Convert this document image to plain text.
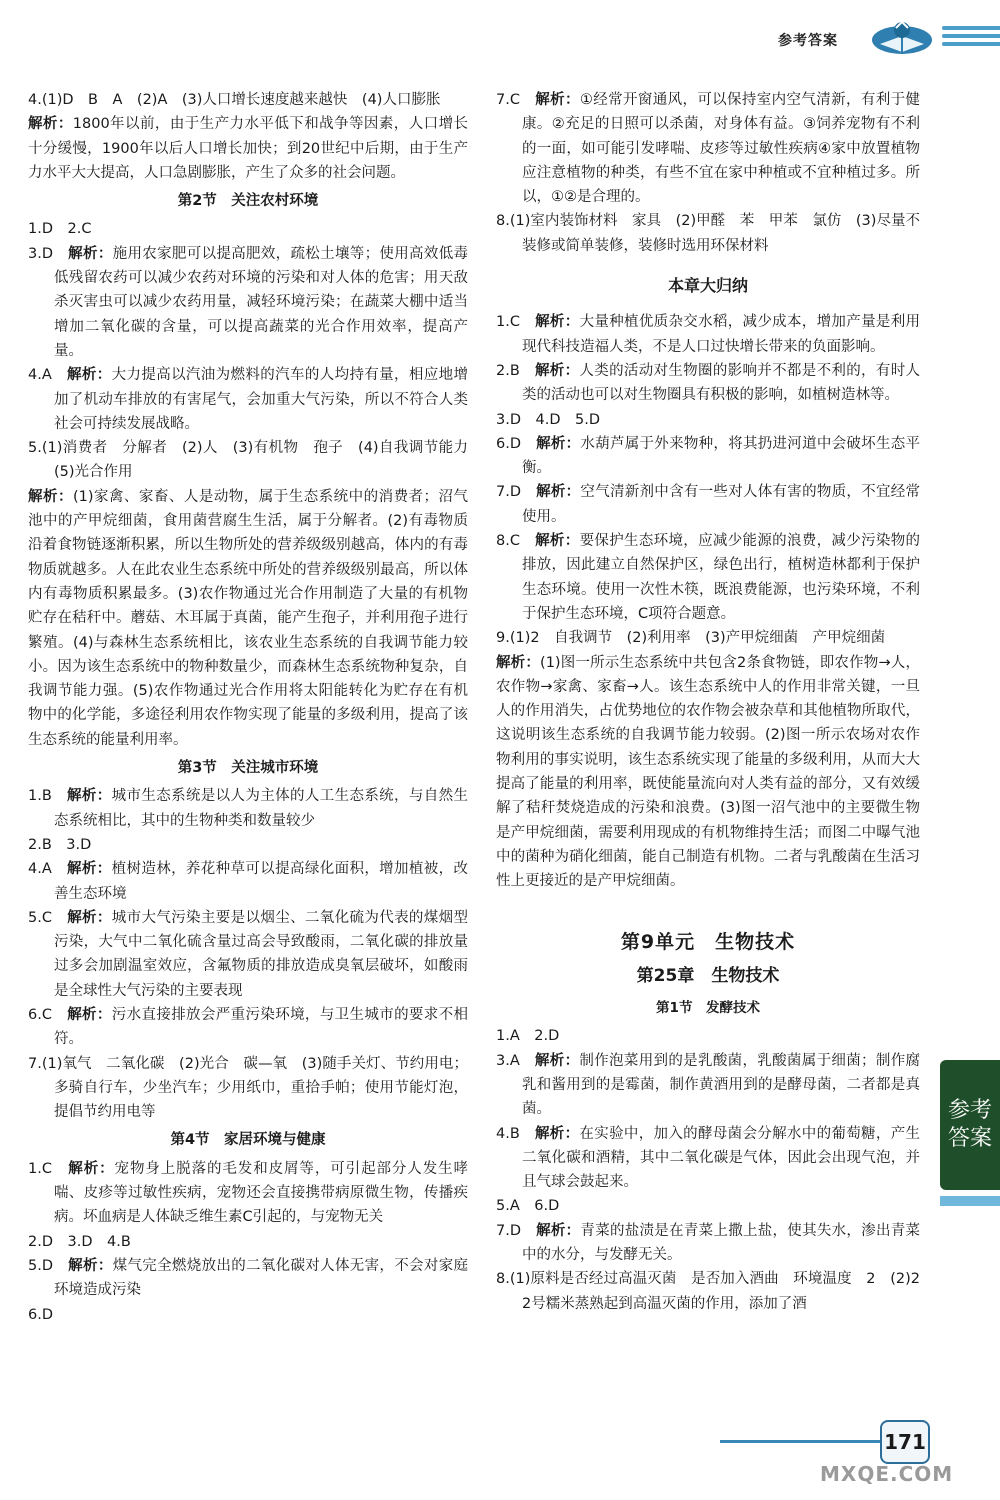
参考答案

4.(1)D　B　A　(2)A　(3)人口增长速度越来越快　(4)人口膨胀

解析：1800年以前，由于生产力水平低下和战争等因素，人口增长十分缓慢，1900年以后人口增长加快；到20世纪中后期，由于生产力水平大大提高，人口急剧膨胀，产生了众多的社会问题。

第2节　关注农村环境

1.D　2.C

3.D　 解析：施用农家肥可以提高肥效，疏松土壤等；使用高效低毒低残留农药可以减少农药对环境的污染和对人体的危害；用天敌杀灭害虫可以减少农药用量，减轻环境污染；在蔬菜大棚中适当增加二氧化碳的含量，可以提高蔬菜的光合作用效率，提高产量。

4.A　 解析：大力提高以汽油为燃料的汽车的人均持有量，相应地增加了机动车排放的有害尾气，会加重大气污染，所以不符合人类社会可持续发展战略。

5.(1)消费者　分解者　(2)人　(3)有机物　孢子　(4)自我调节能力　(5)光合作用

解析：(1)家禽、家畜、人是动物，属于生态系统中的消费者；沼气池中的产甲烷细菌，食用菌营腐生生活，属于分解者。(2)有毒物质沿着食物链逐渐积累，所以生物所处的营养级级别越高，体内的有毒物质就越多。人在此农业生态系统中所处的营养级级别最高，所以体内有毒物质积累最多。(3)农作物通过光合作用制造了大量的有机物贮存在秸秆中。蘑菇、木耳属于真菌，能产生孢子，并利用孢子进行繁殖。(4)与森林生态系统相比，该农业生态系统的自我调节能力较小。因为该生态系统中的物种数量少，而森林生态系统物种复杂，自我调节能力强。(5)农作物通过光合作用将太阳能转化为贮存在有机物中的化学能，多途径利用农作物实现了能量的多级利用，提高了该生态系统的能量利用率。

第3节　关注城市环境

1.B　 解析：城市生态系统是以人为主体的人工生态系统，与自然生态系统相比，其中的生物种类和数量较少

2.B　3.D

4.A　 解析：植树造林，养花种草可以提高绿化面积，增加植被，改善生态环境

5.C　 解析：城市大气污染主要是以烟尘、二氧化硫为代表的煤烟型污染，大气中二氧化硫含量过高会导致酸雨，二氧化碳的排放量过多会加剧温室效应，含氟物质的排放造成臭氧层破坏，如酸雨是全球性大气污染的主要表现

6.C　 解析：污水直接排放会严重污染环境，与卫生城市的要求不相符。

7.(1)氧气　二氧化碳　(2)光合　碳—氧　(3)随手关灯、节约用电；多骑自行车，少坐汽车；少用纸巾，重拾手帕；使用节能灯泡，提倡节约用电等

第4节　家居环境与健康

1.C　 解析：宠物身上脱落的毛发和皮屑等，可引起部分人发生哮喘、皮疹等过敏性疾病，宠物还会直接携带病原微生物，传播疾病。坏血病是人体缺乏维生素C引起的，与宠物无关

2.D　3.D　4.B

5.D　 解析：煤气完全燃烧放出的二氧化碳对人体无害，不会对家庭环境造成污染

6.D

7.C　 解析：①经常开窗通风，可以保持室内空气清新，有利于健康。②充足的日照可以杀菌，对身体有益。③饲养宠物有不利的一面，如可能引发哮喘、皮疹等过敏性疾病④家中放置植物应注意植物的种类，有些不宜在家中种植或不宜种植过多。所以，①②是合理的。

8.(1)室内装饰材料　家具　(2)甲醛　苯　甲苯　氯仿　(3)尽量不装修或简单装修，装修时选用环保材料

本章大归纳

1.C　 解析：大量种植优质杂交水稻，减少成本，增加产量是利用现代科技造福人类，不是人口过快增长带来的负面影响。

2.B　 解析：人类的活动对生物圈的影响并不都是不利的，有时人类的活动也可以对生物圈具有积极的影响，如植树造林等。

3.D　4.D　5.D

6.D　 解析：水葫芦属于外来物种，将其扔进河道中会破坏生态平衡。

7.D　 解析：空气清新剂中含有一些对人体有害的物质，不宜经常使用。

8.C　 解析：要保护生态环境，应减少能源的浪费，减少污染物的排放，因此建立自然保护区，绿色出行，植树造林都利于保护生态环境。使用一次性木筷，既浪费能源，也污染环境，不利于保护生态环境，C项符合题意。

9.(1)2　自我调节　(2)利用率　(3)产甲烷细菌　产甲烷细菌

解析：(1)图一所示生态系统中共包含2条食物链，即农作物→人，农作物→家禽、家畜→人。该生态系统中人的作用非常关键，一旦人的作用消失，占优势地位的农作物会被杂草和其他植物所取代，这说明该生态系统的自我调节能力较弱。(2)图一所示农场对农作物利用的事实说明，该生态系统实现了能量的多级利用，从而大大提高了能量的利用率，既使能量流向对人类有益的部分，又有效缓解了秸秆焚烧造成的污染和浪费。(3)图一沼气池中的主要微生物是产甲烷细菌，需要利用现成的有机物维持生活；而图二中曝气池中的菌种为硝化细菌，能自己制造有机物。二者与乳酸菌在生活习性上更接近的是产甲烷细菌。

第9单元　生物技术

第25章　生物技术

第1节　发酵技术

1.A　2.D

3.A　 解析：制作泡菜用到的是乳酸菌，乳酸菌属于细菌；制作腐乳和酱用到的是霉菌，制作黄酒用到的是酵母菌，二者都是真菌。

4.B　 解析：在实验中，加入的酵母菌会分解水中的葡萄糖，产生二氧化碳和酒精，其中二氧化碳是气体，因此会出现气泡，并且气球会鼓起来。

5.A　6.D

7.D　 解析：青菜的盐渍是在青菜上撒上盐，使其失水，渗出青菜中的水分，与发酵无关。

8.(1)原料是否经过高温灭菌　是否加入酒曲　环境温度　2　(2)2　2号糯米蒸熟起到高温灭菌的作用，添加了酒

参考
答案
171
MXQE.COM
